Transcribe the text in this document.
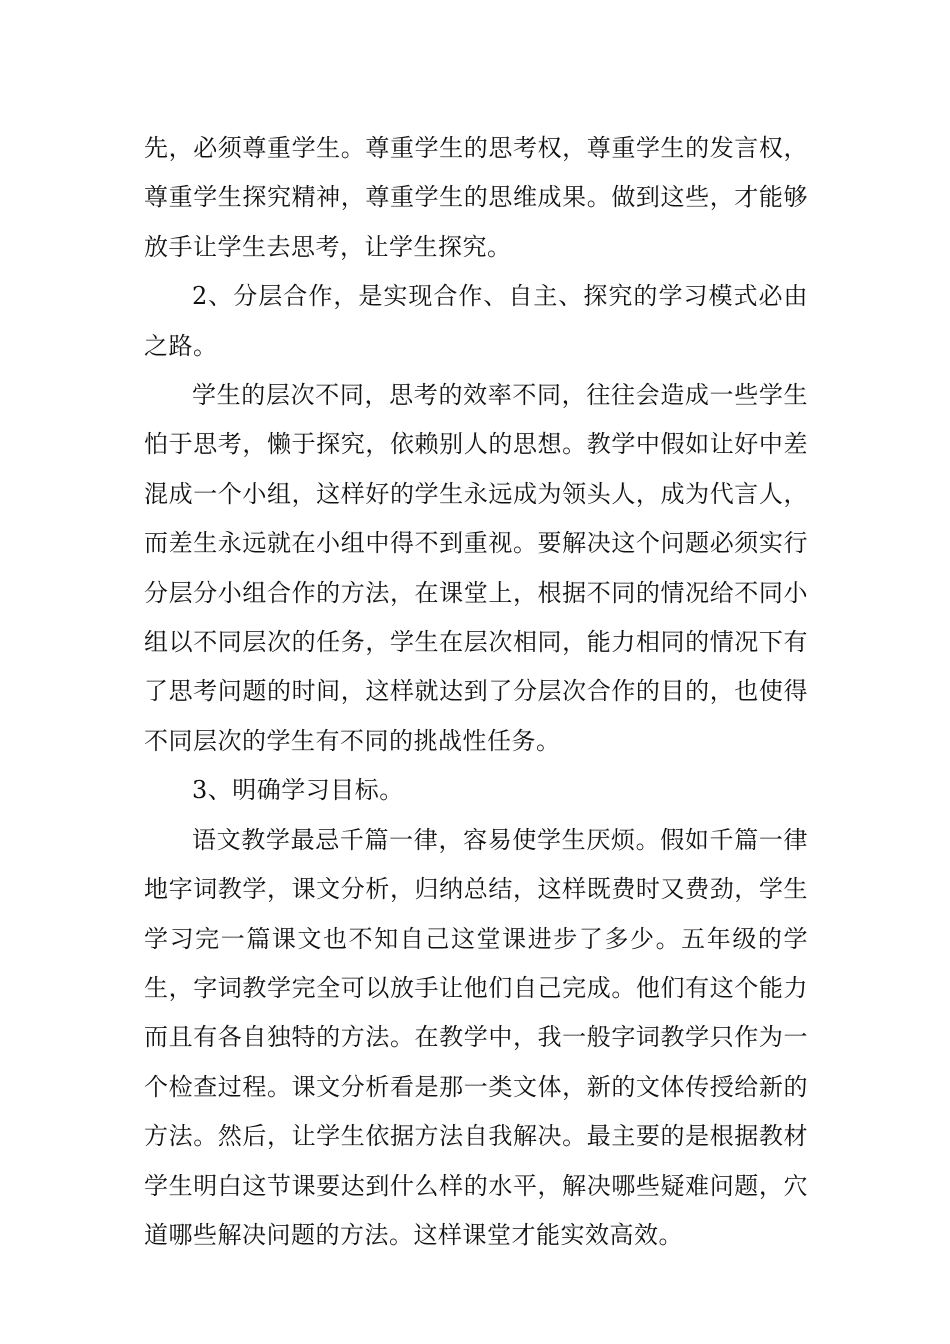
先，必须尊重学生。尊重学生的思考权，尊重学生的发言权，尊重学生探究精神，尊重学生的思维成果。做到这些，才能够放手让学生去思考，让学生探究。

2、分层合作，是实现合作、自主、探究的学习模式必由之路。

学生的层次不同，思考的效率不同，往往会造成一些学生怕于思考，懒于探究，依赖别人的思想。教学中假如让好中差混成一个小组，这样好的学生永远成为领头人，成为代言人，而差生永远就在小组中得不到重视。要解决这个问题必须实行分层分小组合作的方法，在课堂上，根据不同的情况给不同小组以不同层次的任务，学生在层次相同，能力相同的情况下有了思考问题的时间，这样就达到了分层次合作的目的，也使得不同层次的学生有不同的挑战性任务。

3、明确学习目标。

语文教学最忌千篇一律，容易使学生厌烦。假如千篇一律地字词教学，课文分析，归纳总结，这样既费时又费劲，学生学习完一篇课文也不知自己这堂课进步了多少。五年级的学生，字词教学完全可以放手让他们自己完成。他们有这个能力而且有各自独特的方法。在教学中，我一般字词教学只作为一个检查过程。课文分析看是那一类文体，新的文体传授给新的方法。然后，让学生依据方法自我解决。最主要的是根据教材学生明白这节课要达到什么样的水平，解决哪些疑难问题，穴道哪些解决问题的方法。这样课堂才能实效高效。
